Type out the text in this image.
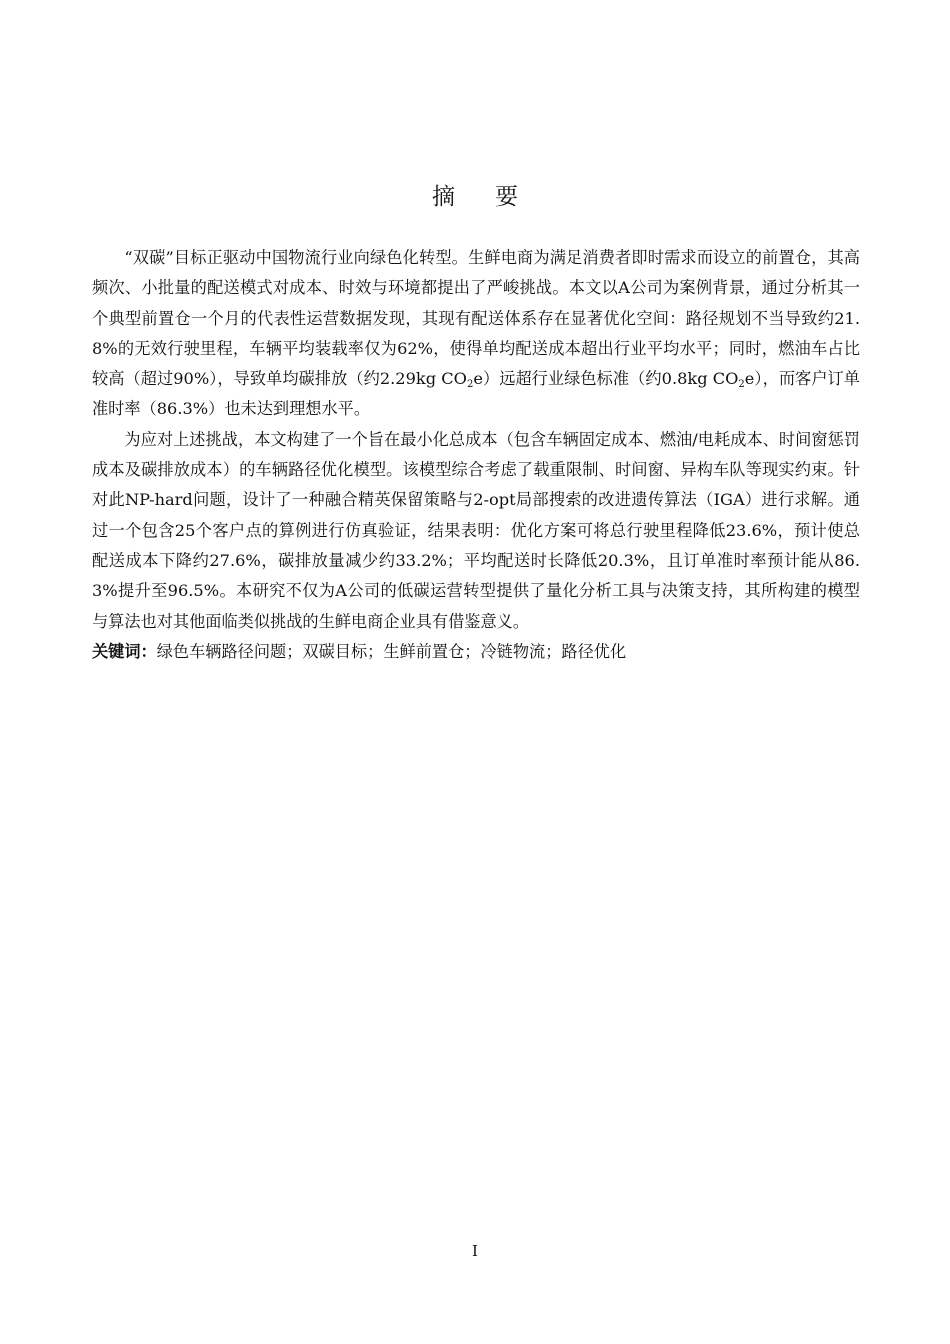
摘要

“双碳”目标正驱动中国物流行业向绿色化转型。生鲜电商为满足消费者即时需求而设立的前置仓，其高频次、小批量的配送模式对成本、时效与环境都提出了严峻挑战。本文以A公司为案例背景，通过分析其一个典型前置仓一个月的代表性运营数据发现，其现有配送体系存在显著优化空间：路径规划不当导致约21.8%的无效行驶里程，车辆平均装载率仅为62%，使得单均配送成本超出行业平均水平；同时，燃油车占比较高（超过90%），导致单均碳排放（约2.29kg $CO_2e$）远超行业绿色标准（约0.8kg $CO_2e$），而客户订单准时率（86.3%）也未达到理想水平。

为应对上述挑战，本文构建了一个旨在最小化总成本（包含车辆固定成本、燃油/电耗成本、时间窗惩罚成本及碳排放成本）的车辆路径优化模型。该模型综合考虑了载重限制、时间窗、异构车队等现实约束。针对此NP-hard问题，设计了一种融合精英保留策略与2-opt局部搜索的改进遗传算法（IGA）进行求解。通过一个包含25个客户点的算例进行仿真验证，结果表明：优化方案可将总行驶里程降低23.6%，预计使总配送成本下降约27.6%，碳排放量减少约33.2%；平均配送时长降低20.3%，且订单准时率预计能从86.3%提升至96.5%。本研究不仅为A公司的低碳运营转型提供了量化分析工具与决策支持，其所构建的模型与算法也对其他面临类似挑战的生鲜电商企业具有借鉴意义。

关键词：绿色车辆路径问题；双碳目标；生鲜前置仓；冷链物流；路径优化

I
